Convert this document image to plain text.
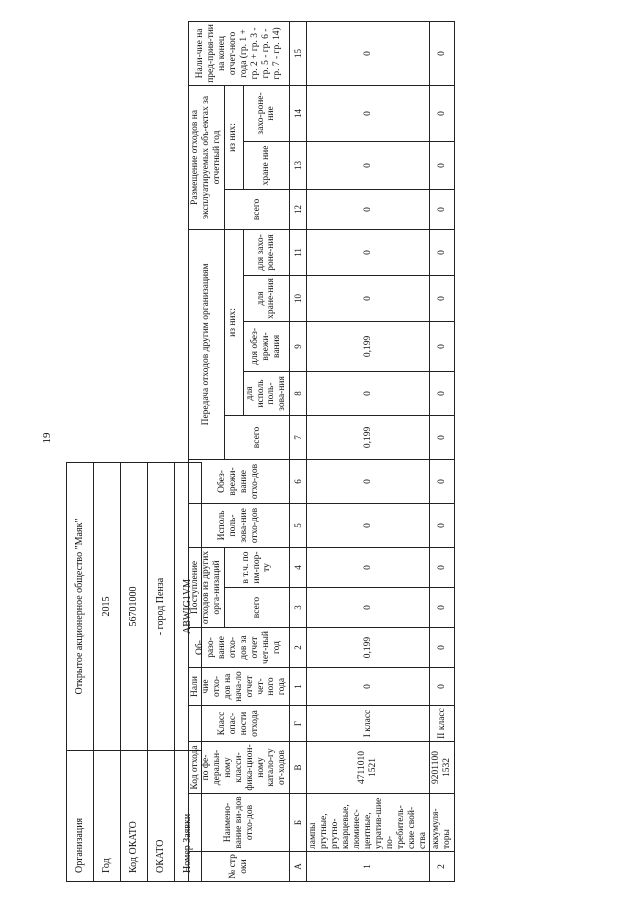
19
Организация	Открытое акционерное общество "Маяк"
Год	2015
Код ОКАТО	56701000
ОКАТО	- город Пенза
Номер Заявки	ABWIG1VM
№ стр оки	Наимено-вание ви-дов отхо-дов	Код отхода по фе-деральн-ному класси-фика-цион-ному катало-гу от-ходов	Класс опас-ности отхода	Нали чие отхо-дов на нача-ло отчет чет-ного года	Об-разо-вание отхо-дов за отчет чет-ный год	Поступление отходов из других орга-низаций		Исполь поль-зова-ние отхо-дов	Обез-врежи-вание отхо-дов	Передача отходов другим организациям					Размещение отходов на эксплуатируемых объ-ектах за отчетный год			Нали-чие на пред-прия-тии на конец отчет-ного года (гр. 1 + гр. 2 + гр. 3 - гр. 5 - гр. 6 - гр. 7 - гр. 14)
						всего	в т.ч. по им-пор-ту			всего	из них:				всего	из них:		
											для исполь поль-зова-ния	для обез-врежи-вания	для хране-ния	для захо-роне-ния		хране ние	захо-роне-ние	
А	Б	В	Г	1	2	3	4	5	6	7	8	9	10	11	12	13	14	15
1	лампы ртутные, ртутно-кварцевые, люминес-центные, утратив-шие по-требитель-ские свой-ства	4711010 1521	I класс	0	0,199	0	0	0	0	0,199	0	0,199	0	0	0	0	0	0
2	аккумуля-торы	9201100 1532	II класс	0	0	0	0	0	0	0	0	0	0	0	0	0	0	0
